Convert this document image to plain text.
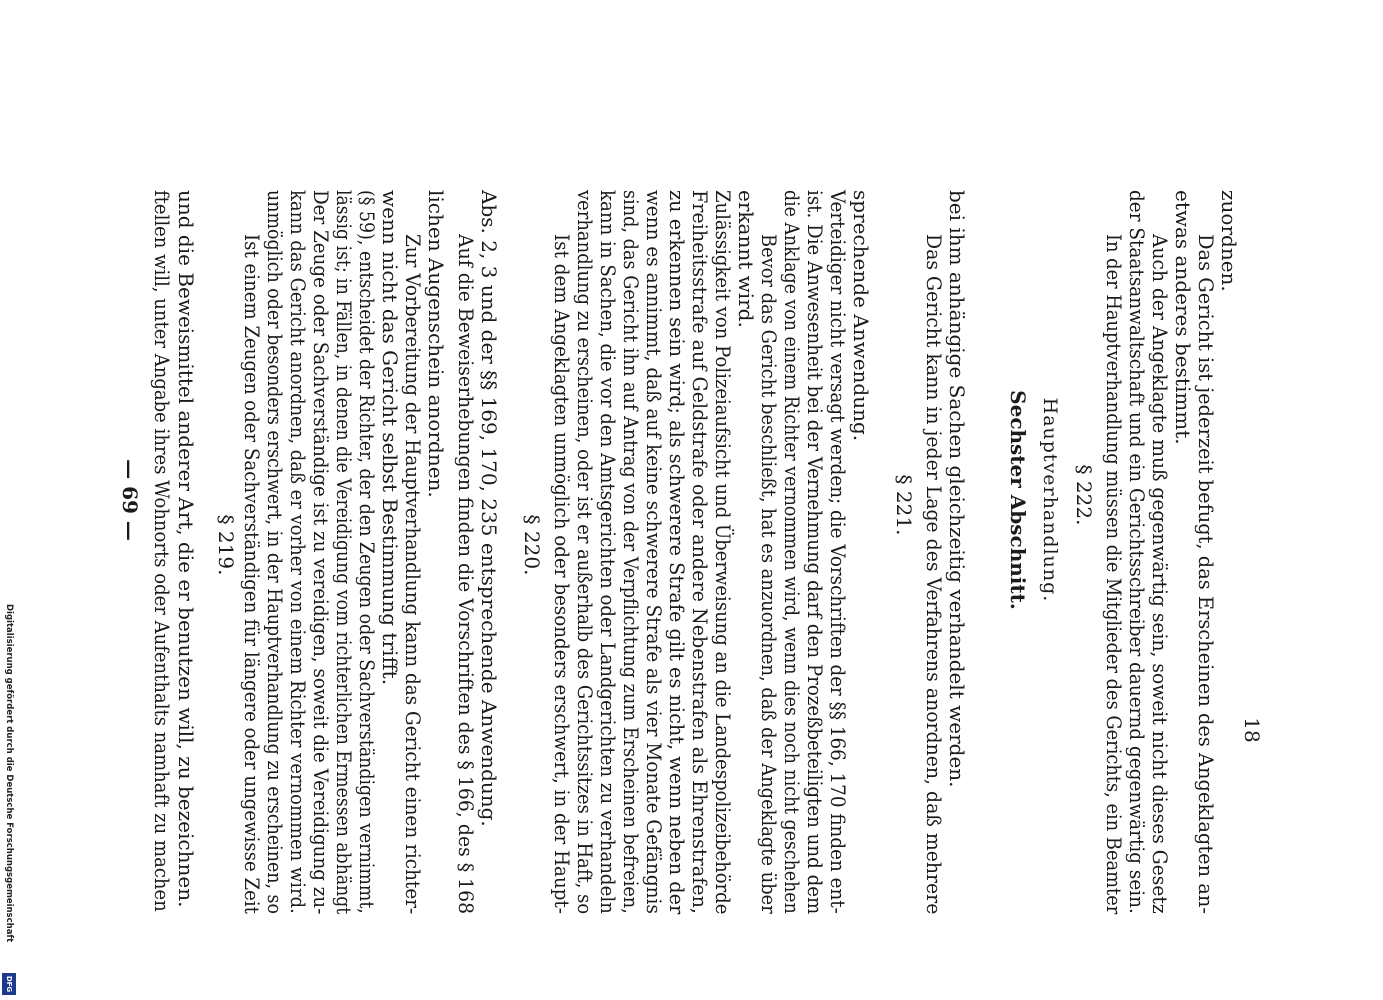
— 69 — ftellen will, unter Angabe ihres Wohnorts oder Aufenthalts namhaft zu machen und die Beweismittel anderer Art, die er benutzen will, zu bezeichnen. § 219. Ist einem Zeugen oder Sachverständigen für längere oder ungewisse Zeit unmöglich oder besonders erschwert, in der Hauptverhandlung zu erscheinen, so kann das Gericht anordnen, daß er vorher von einem Richter vernommen wird. Der Zeuge oder Sachverständige ist zu vereidigen, soweit die Vereidigung zu- lässig ist; in Fällen, in denen die Vereidigung vom richterlichen Ermessen abhängt (§ 59), entscheidet der Richter, der den Zeugen oder Sachverständigen vernimmt, wenn nicht das Gericht selbst Bestimmung trifft. Zur Vorbereitung der Hauptverhandlung kann das Gericht einen richter- lichen Augenschein anordnen. Auf die Beweiserhebungen finden die Vorschriften des § 166, des § 168 Abs. 2, 3 und der §§ 169, 170, 235 entsprechende Anwendung. § 220. Ist dem Angeklagten unmöglich oder besonders erschwert, in der Haupt- verhandlung zu erscheinen, oder ist er außerhalb des Gerichtssitzes in Haft, so kann in Sachen, die vor den Amtsgerichten oder Landgerichten zu verhandeln sind, das Gericht ihn auf Antrag von der Verpflichtung zum Erscheinen befreien, wenn es annimmt, daß auf keine schwerere Strafe als vier Monate Gefängnis zu erkennen sein wird; als schwerere Strafe gilt es nicht, wenn neben der Freiheitsstrafe auf Geldstrafe oder andere Nebenstrafen als Ehrenstrafen, Zulässigkeit von Polizeiaufsicht und Überweisung an die Landespolizeibehörde erkannt wird. Bevor das Gericht beschließt, hat es anzuordnen, daß der Angeklagte über die Anklage von einem Richter vernommen wird, wenn dies noch nicht geschehen ist. Die Anwesenheit bei der Vernehmung darf den Prozeßbeteiligten und dem Verteidiger nicht versagt werden; die Vorschriften der §§ 166, 170 finden ent- sprechende Anwendung.
§ 221. Das Gericht kann in jeder Lage des Verfahrens anordnen, daß mehrere bei ihm anhängige Sachen gleichzeitig verhandelt werden. Sechster Abschnitt. Hauptverhandlung. § 222. In der Hauptverhandlung müssen die Mitglieder des Gerichts, ein Beamter der Staatsanwaltschaft und ein Gerichtsschreiber dauernd gegenwärtig sein. Auch der Angeklagte muß gegenwärtig sein, soweit nicht dieses Gesetz etwas anderes bestimmt. Das Gericht ist jederzeit befugt, das Erscheinen des Angeklagten an- zuordnen.
18
Digitalisierung gefördert durch die Deutsche Forschungsgemeinschaft
DFG
